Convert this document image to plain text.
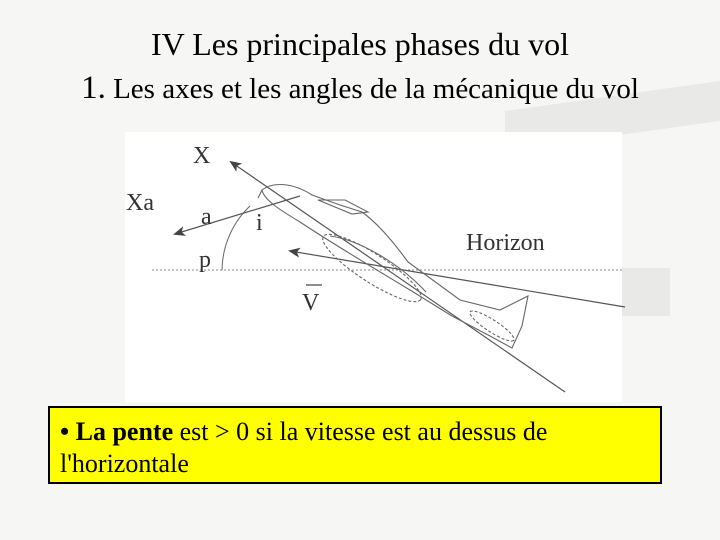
IV Les principales phases du vol
1. Les axes et les angles de la mécanique du vol
X
Xa
a i
p
Horizon
V
• La pente est > 0 si la vitesse est au dessus de l'horizontale
